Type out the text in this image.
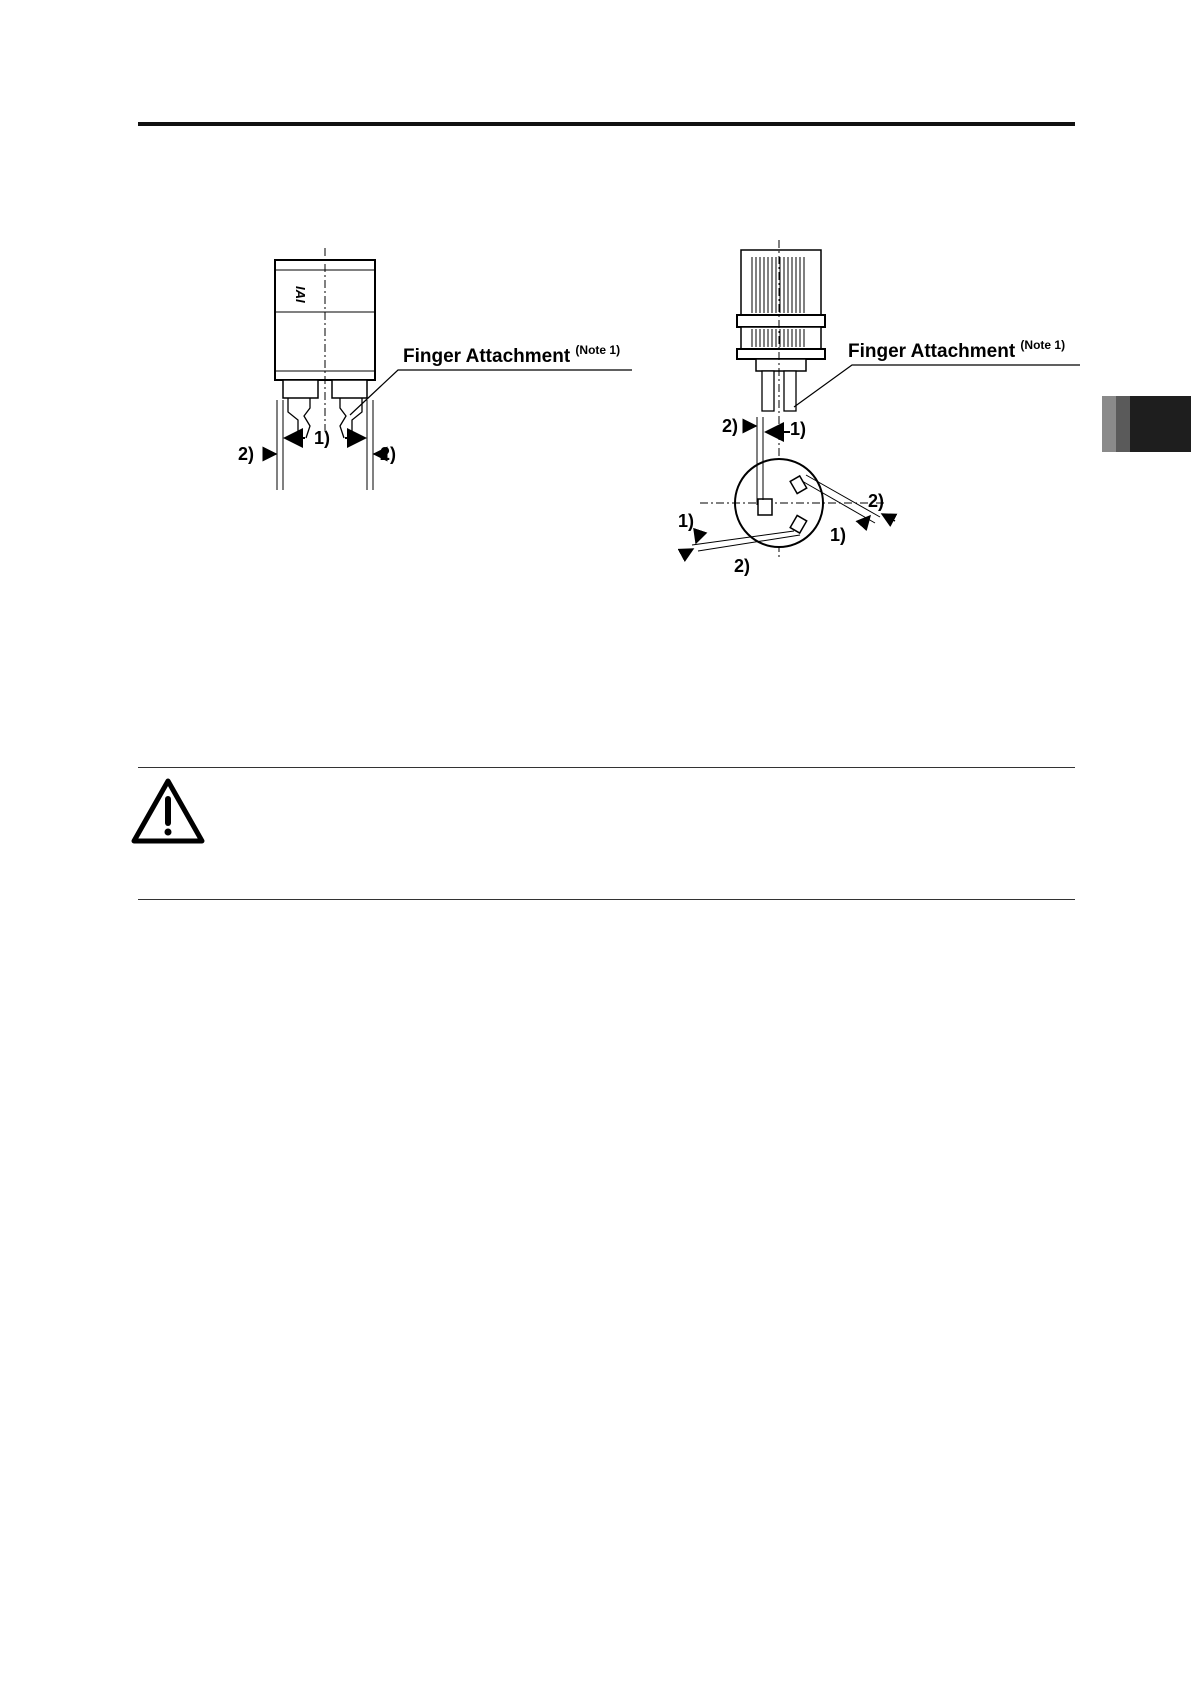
IAI
1)
2)	2)
Finger Attachment $^{(Note 1)}$
2)	1)
2)
1)
1)
2)
Finger Attachment $^{(Note 1)}$
